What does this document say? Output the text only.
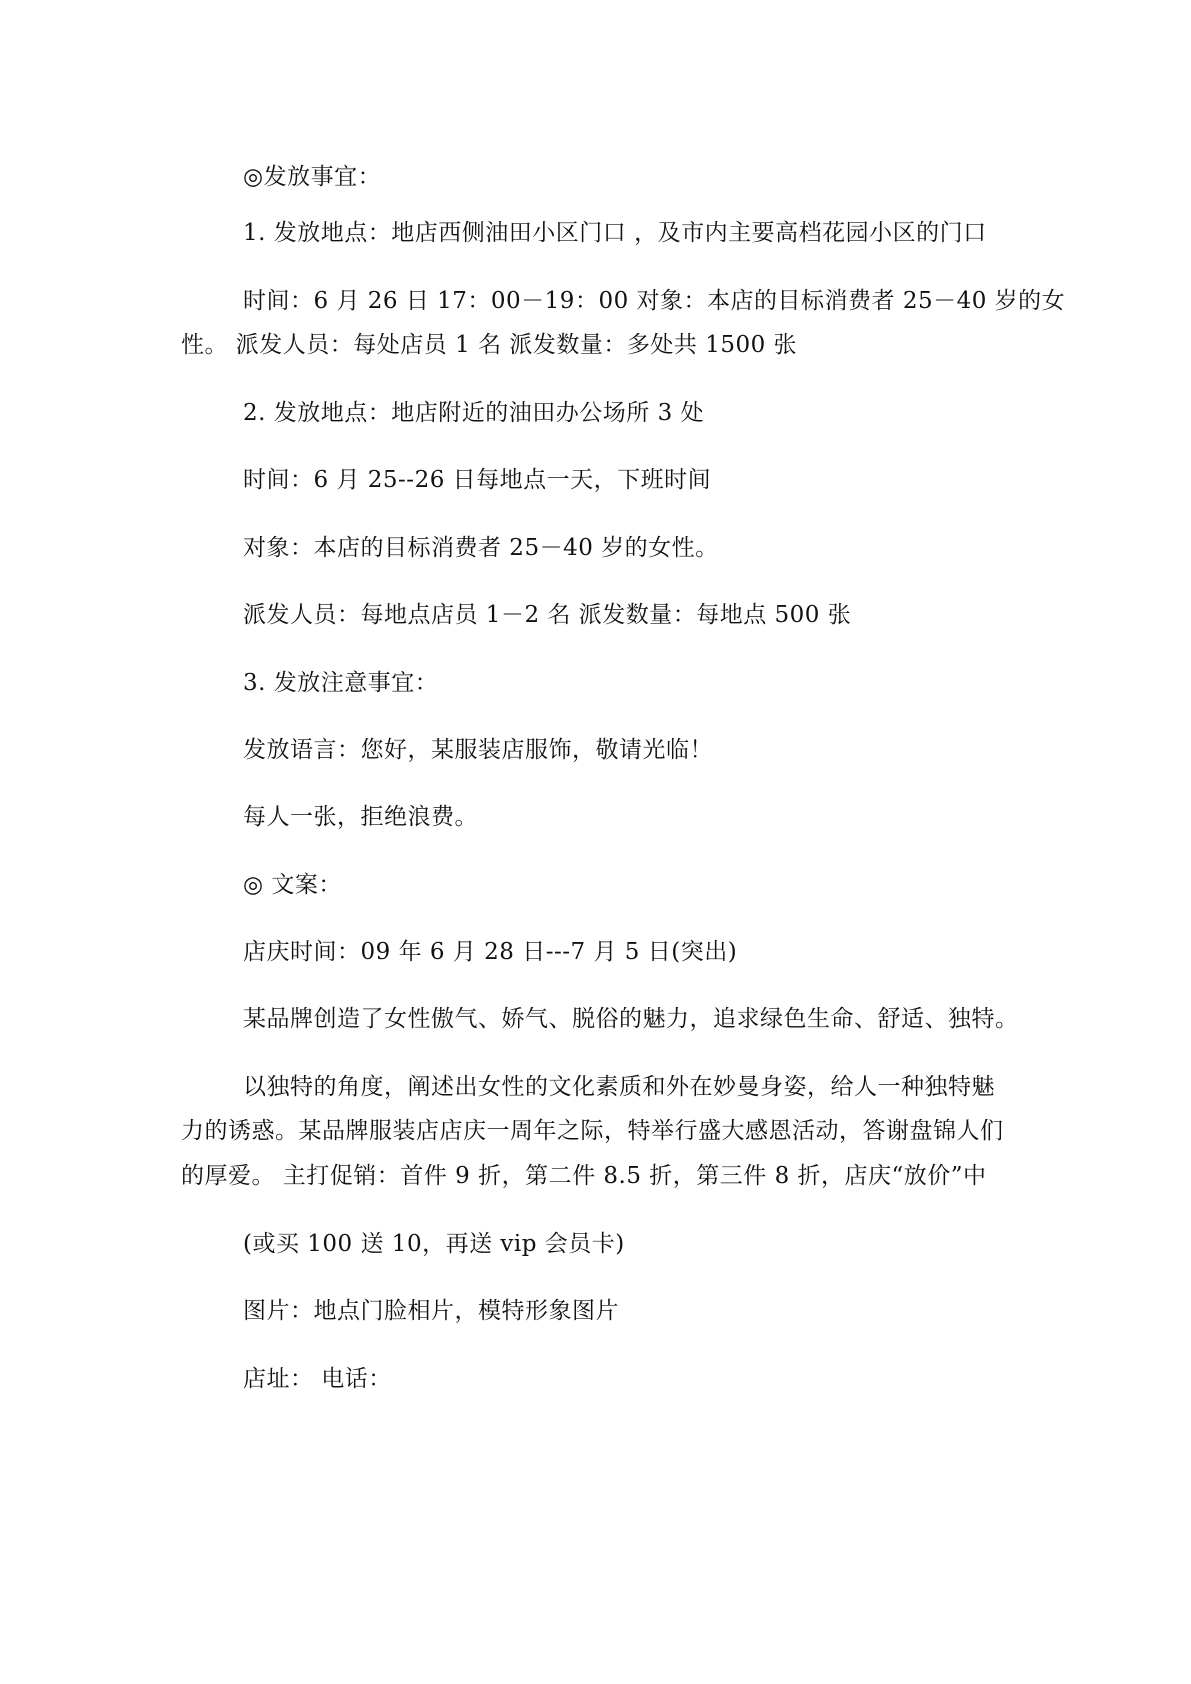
◎发放事宜：
1. 发放地点：地店西侧油田小区门口 ，及市内主要高档花园小区的门口
时间：6 月 26 日 17：00－19：00 对象：本店的目标消费者 25－40 岁的女
性。 派发人员：每处店员 1 名 派发数量：多处共 1500 张
2. 发放地点：地店附近的油田办公场所 3 处
时间：6 月 25--26 日每地点一天，下班时间
对象：本店的目标消费者 25－40 岁的女性。
派发人员：每地点店员 1－2 名 派发数量：每地点 500 张
3. 发放注意事宜：
发放语言：您好，某服装店服饰，敬请光临！
每人一张，拒绝浪费。
◎ 文案：
店庆时间：09 年 6 月 28 日---7 月 5 日(突出)
某品牌创造了女性傲气、娇气、脱俗的魅力，追求绿色生命、舒适、独特。
以独特的角度，阐述出女性的文化素质和外在妙曼身姿，给人一种独特魅
力的诱惑。某品牌服装店店庆一周年之际，特举行盛大感恩活动，答谢盘锦人们
的厚爱。 主打促销：首件 9 折，第二件 8.5 折，第三件 8 折，店庆“放价”中
(或买 100 送 10，再送 vip 会员卡)
图片：地点门脸相片，模特形象图片
店址： 电话：
